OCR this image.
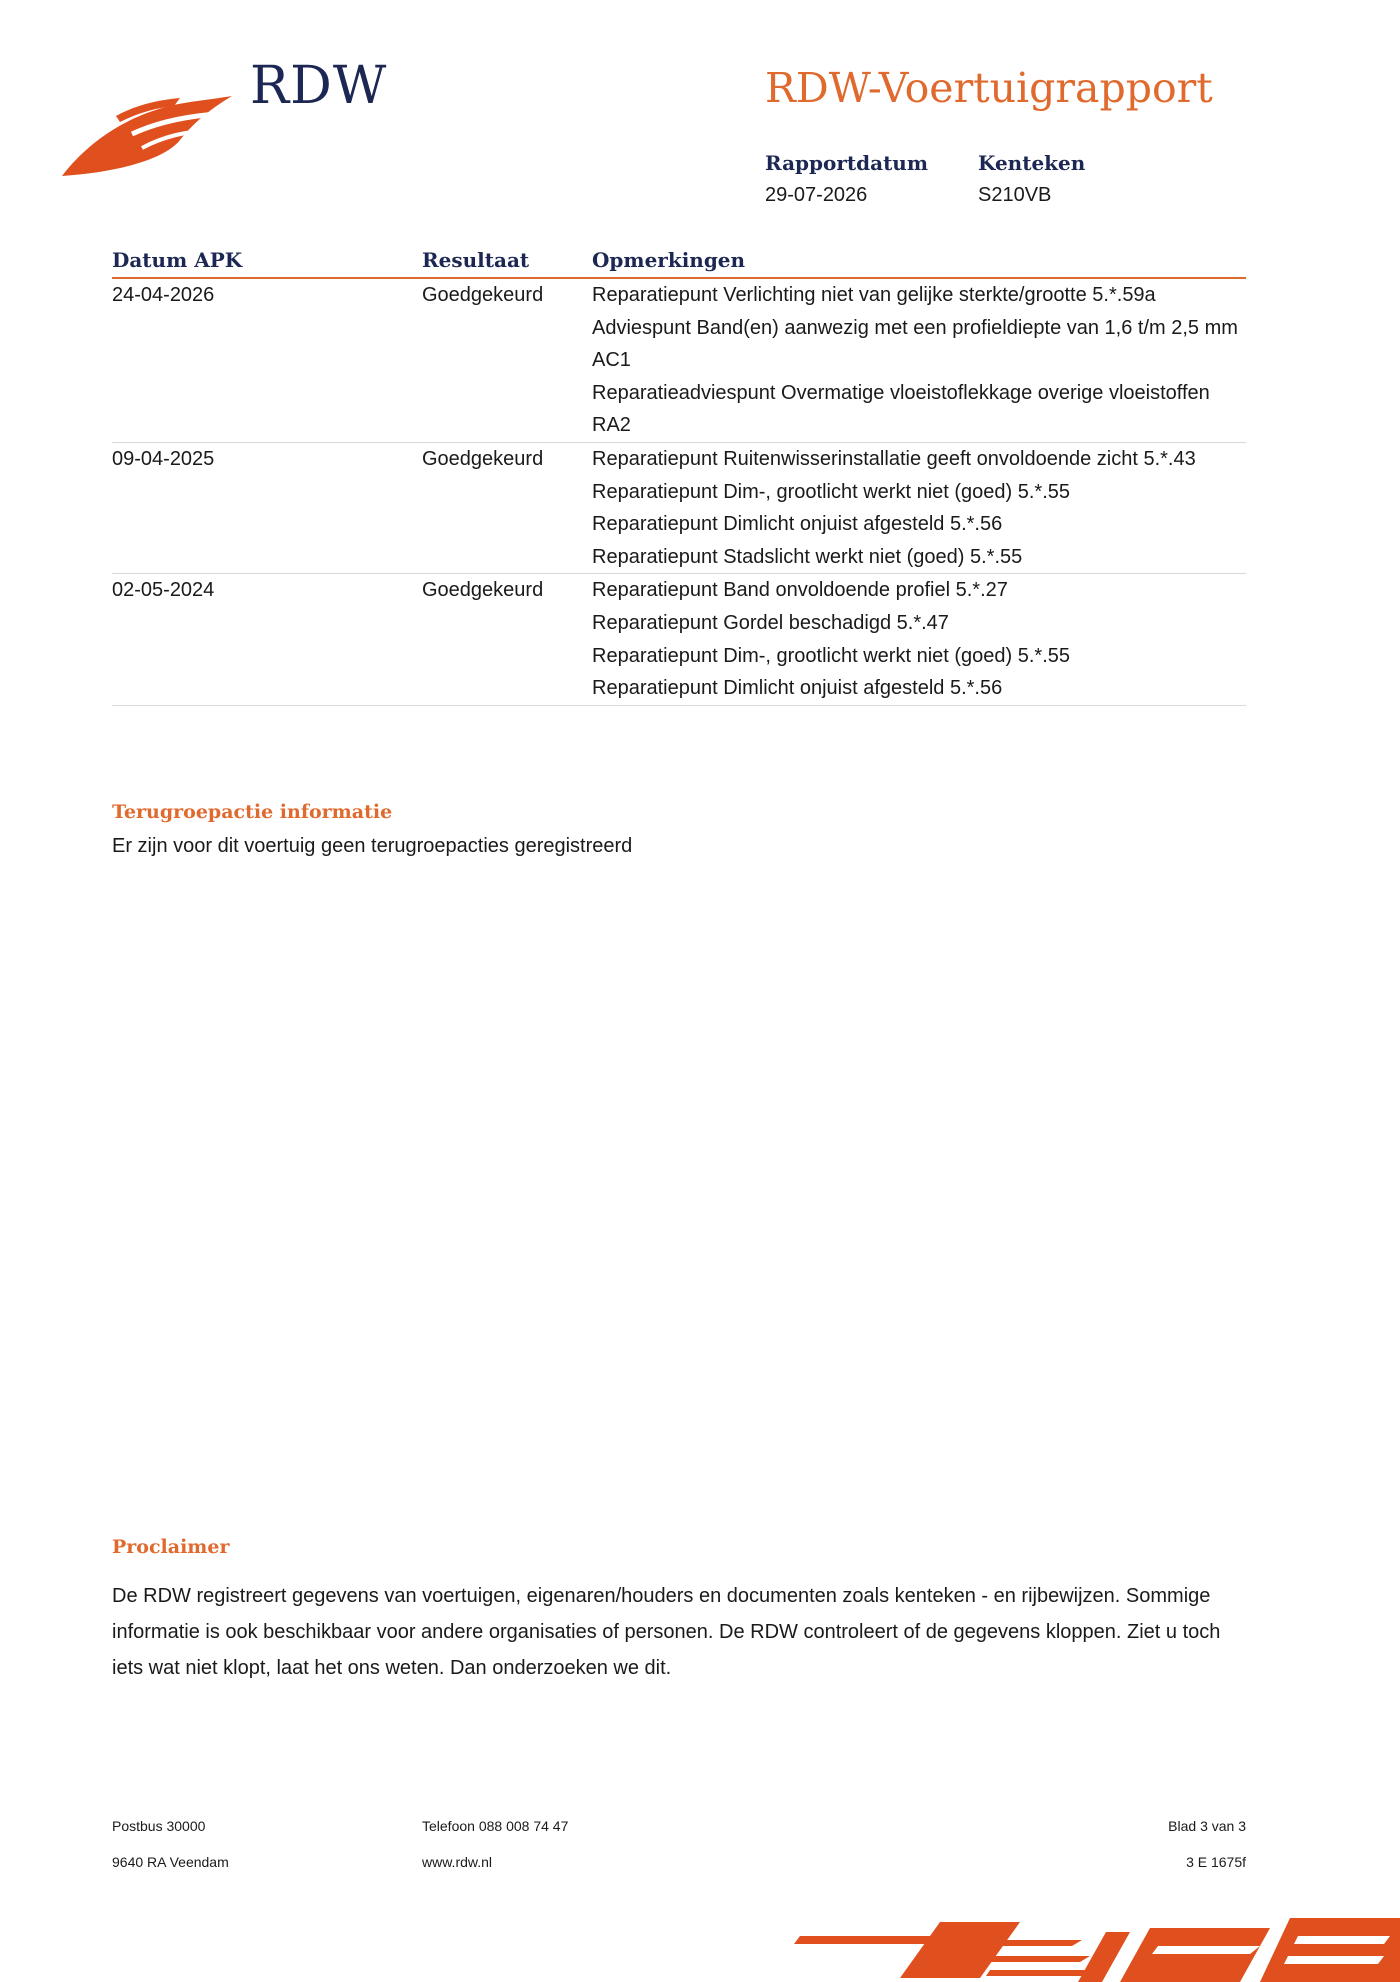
RDW	RDW-Voertuigrapport
Rapportdatum
29-07-2026
Kenteken
S210VB
Datum APK	Resultaat	Opmerkingen
24-04-2026	Goedgekeurd Reparatiepunt Verlichting niet van gelijke sterkte/grootte 5.*.59a
Adviespunt Band(en) aanwezig met een profieldiepte van 1,6 t/m 2,5 mm AC1
Reparatieadviespunt Overmatige vloeistoflekkage overige vloeistoffen RA2
09-04-2025	Goedgekeurd Reparatiepunt Ruitenwisserinstallatie geeft onvoldoende zicht 5.*.43
Reparatiepunt Dim-, grootlicht werkt niet (goed) 5.*.55
Reparatiepunt Dimlicht onjuist afgesteld 5.*.56
Reparatiepunt Stadslicht werkt niet (goed) 5.*.55
02-05-2024	Goedgekeurd Reparatiepunt Band onvoldoende profiel 5.*.27
Reparatiepunt Gordel beschadigd 5.*.47
Reparatiepunt Dim-, grootlicht werkt niet (goed) 5.*.55
Reparatiepunt Dimlicht onjuist afgesteld 5.*.56
Terugroepactie informatie
Er zijn voor dit voertuig geen terugroepacties geregistreerd
Proclaimer
De RDW registreert gegevens van voertuigen, eigenaren/houders en documenten zoals kenteken - en rijbewijzen. Sommige informatie is ook beschikbaar voor andere organisaties of personen. De RDW controleert of de gegevens kloppen. Ziet u toch iets wat niet klopt, laat het ons weten. Dan onderzoeken we dit.
Postbus 30000
9640 RA Veendam
Telefoon 088 008 74 47
www.rdw.nl
Blad 3 van 3
3 E 1675f
